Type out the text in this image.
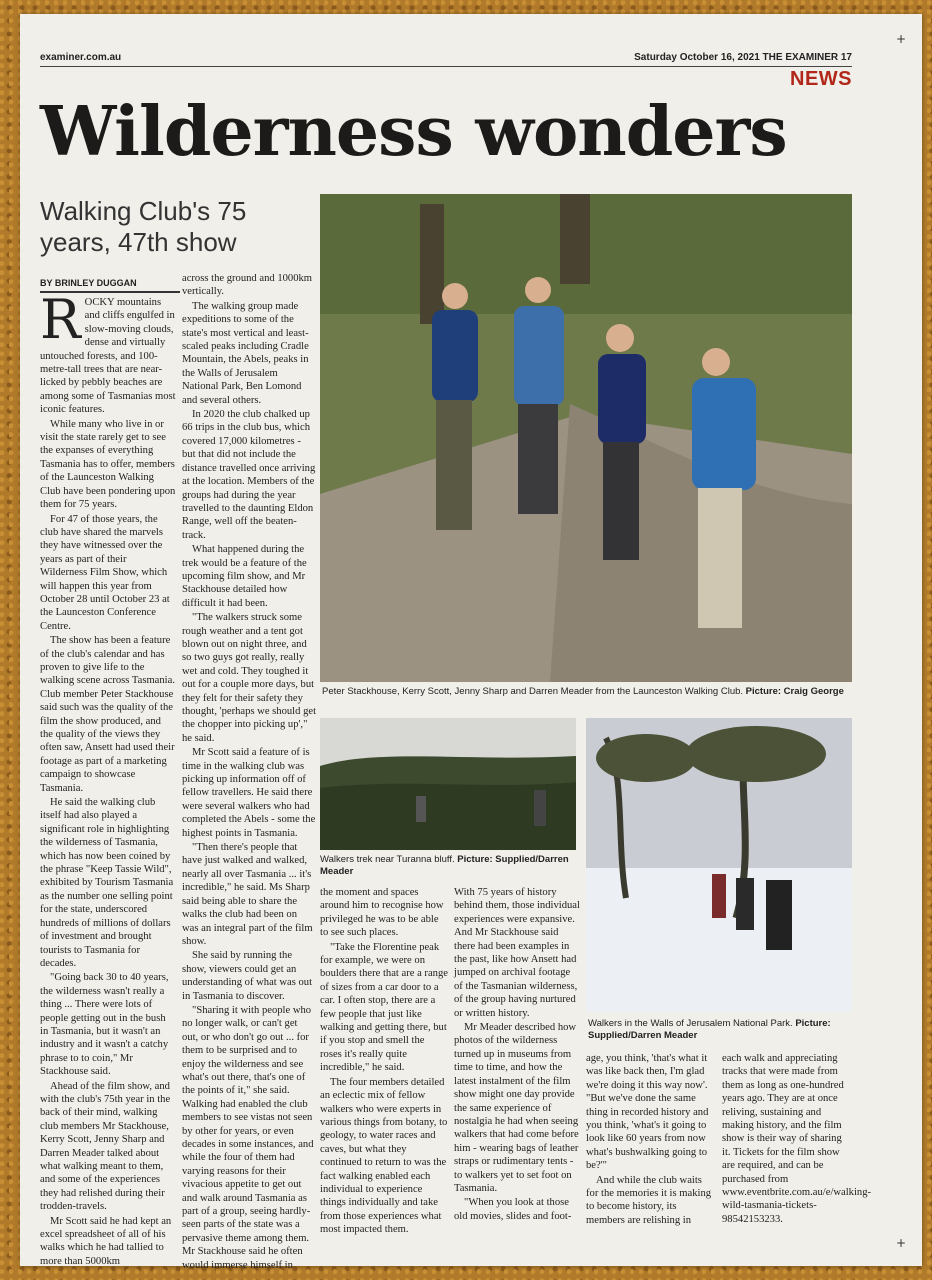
examiner.com.au	Saturday October 16, 2021 THE EXAMINER 17
NEWS
+
+
Wilderness wonders
Walking Club's 75 years, 47th show
BY BRINLEY DUGGAN

ROCKY mountains and cliffs engulfed in slow-moving clouds, dense and virtually untouched forests, and 100-metre-tall trees that are near-licked by pebbly beaches are among some of Tasmanias most iconic features.

While many who live in or visit the state rarely get to see the expanses of everything Tasmania has to offer, members of the Launceston Walking Club have been pondering upon them for 75 years.

For 47 of those years, the club have shared the marvels they have witnessed over the years as part of their Wilderness Film Show, which will happen this year from October 28 until October 23 at the Launceston Conference Centre.

The show has been a feature of the club's calendar and has proven to give life to the walking scene across Tasmania. Club member Peter Stackhouse said such was the quality of the film the show produced, and the quality of the views they often saw, Ansett had used their footage as part of a marketing campaign to showcase Tasmania.

He said the walking club itself had also played a significant role in highlighting the wilderness of Tasmania, which has now been coined by the phrase "Keep Tassie Wild", exhibited by Tourism Tasmania as the number one selling point for the state, underscored hundreds of millions of dollars of investment and brought tourists to Tasmania for decades.

"Going back 30 to 40 years, the wilderness wasn't really a thing ... There were lots of people getting out in the bush in Tasmania, but it wasn't an industry and it wasn't a catchy phrase to to coin," Mr Stackhouse said.

Ahead of the film show, and with the club's 75th year in the back of their mind, walking club members Mr Stackhouse, Kerry Scott, Jenny Sharp and Darren Meader talked about what walking meant to them, and some of the experiences they had relished during their trodden-travels.

Mr Scott said he had kept an excel spreadsheet of all of his walks which he had tallied to more than 5000km

across the ground and 1000km vertically.

The walking group made expeditions to some of the state's most vertical and least-scaled peaks including Cradle Mountain, the Abels, peaks in the Walls of Jerusalem National Park, Ben Lomond and several others.

In 2020 the club chalked up 66 trips in the club bus, which covered 17,000 kilometres - but that did not include the distance travelled once arriving at the location. Members of the groups had during the year travelled to the daunting Eldon Range, well off the beaten-track.

What happened during the trek would be a feature of the upcoming film show, and Mr Stackhouse detailed how difficult it had been.

"The walkers struck some rough weather and a tent got blown out on night three, and so two guys got really, really wet and cold. They toughed it out for a couple more days, but they felt for their safety they thought, 'perhaps we should get the chopper into picking up'," he said.

Mr Scott said a feature of is time in the walking club was picking up information off of fellow travellers. He said there were several walkers who had completed the Abels - some the highest points in Tasmania.

"Then there's people that have just walked and walked, nearly all over Tasmania ... it's incredible," he said. Ms Sharp said being able to share the walks the club had been on was an integral part of the film show.

She said by running the show, viewers could get an understanding of what was out in Tasmania to discover.

"Sharing it with people who no longer walk, or can't get out, or who don't go out ... for them to be surprised and to enjoy the wilderness and see what's out there, that's one of the points of it," she said. Walking had enabled the club members to see vistas not seen by other for years, or even decades in some instances, and while the four of them had varying reasons for their vivacious appetite to get out and walk around Tasmania as part of a group, seeing hardly-seen parts of the state was a pervasive theme among them. Mr Stackhouse said he often would immerse himself in

Peter Stackhouse, Kerry Scott, Jenny Sharp and Darren Meader from the Launceston Walking Club. Picture: Craig George
Walkers trek near Turanna bluff. Picture: Supplied/Darren Meader
Walkers in the Walls of Jerusalem National Park. Picture: Supplied/Darren Meader

the moment and spaces around him to recognise how privileged he was to be able to see such places.

"Take the Florentine peak for example, we were on boulders there that are a range of sizes from a car door to a car. I often stop, there are a few people that just like walking and getting there, but if you stop and smell the roses it's really quite incredible," he said.

The four members detailed an eclectic mix of fellow walkers who were experts in various things from botany, to geology, to water races and caves, but what they continued to return to was the fact walking enabled each individual to experience things individually and take from those experiences what most impacted them.

With 75 years of history behind them, those individual experiences were expansive. And Mr Stackhouse said there had been examples in the past, like how Ansett had jumped on archival footage of the Tasmanian wilderness, of the group having nurtured or written history.

Mr Meader described how photos of the wilderness turned up in museums from time to time, and how the latest instalment of the film show might one day provide the same experience of nostalgia he had when seeing walkers that had come before him - wearing bags of leather straps or rudimentary tents - to walkers yet to set foot on Tasmania.

"When you look at those old movies, slides and foot-

age, you think, 'that's what it was like back then, I'm glad we're doing it this way now'. "But we've done the same thing in recorded history and you think, 'what's it going to look like 60 years from now what's bushwalking going to be?'"

And while the club waits for the memories it is making to become history, its members are relishing in

each walk and appreciating tracks that were made from them as long as one-hundred years ago. They are at once reliving, sustaining and making history, and the film show is their way of sharing it. Tickets for the film show are required, and can be purchased from www.eventbrite.com.au/e/walking-wild-tasmania-tickets-98542153233.
